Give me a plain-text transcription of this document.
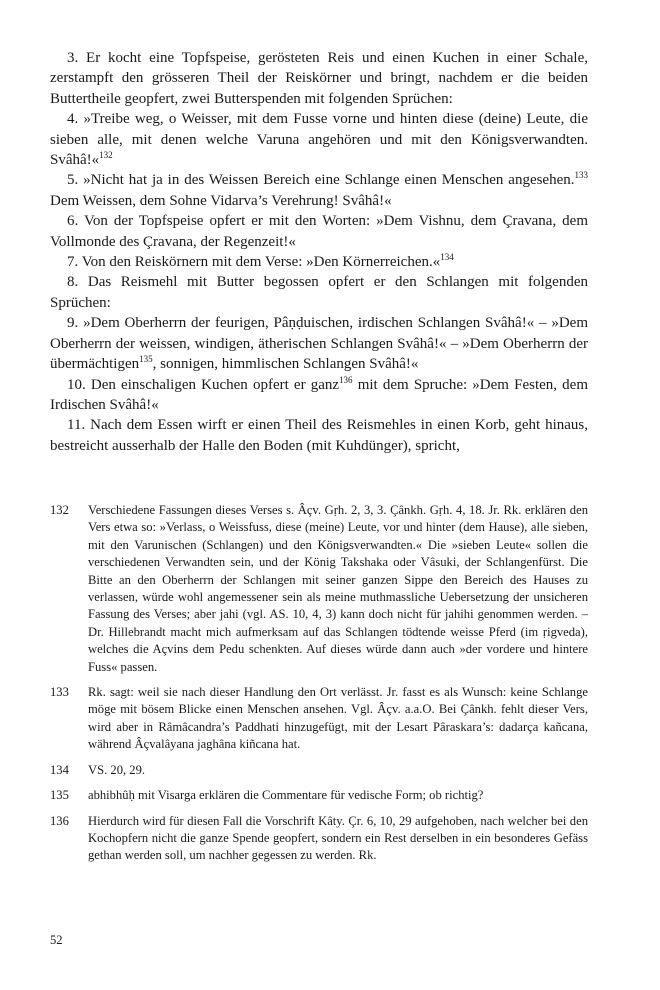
3. Er kocht eine Topfspeise, gerösteten Reis und einen Kuchen in einer Schale, zerstampft den grösseren Theil der Reiskörner und bringt, nachdem er die beiden Buttertheile geopfert, zwei Butterspenden mit folgenden Sprüchen:

4. »Treibe weg, o Weisser, mit dem Fusse vorne und hinten diese (deine) Leute, die sieben alle, mit denen welche Varuna angehören und mit den Königsverwandten. Svâhâ!«$^{132}$

5. »Nicht hat ja in des Weissen Bereich eine Schlange einen Menschen angesehen.$^{133}$ Dem Weissen, dem Sohne Vidarva’s Verehrung! Svâhâ!«

6. Von der Topfspeise opfert er mit den Worten: »Dem Vishnu, dem Çravana, dem Vollmonde des Çravana, der Regenzeit!«

7. Von den Reiskörnern mit dem Verse: »Den Körnerreichen.«$^{134}$

8. Das Reismehl mit Butter begossen opfert er den Schlangen mit folgenden Sprüchen:

9. »Dem Oberherrn der feurigen, Pâṇḍuischen, irdischen Schlangen Svâhâ!« – »Dem Oberherrn der weissen, windigen, ätherischen Schlangen Svâhâ!« – »Dem Oberherrn der übermächtigen$^{135}$, sonnigen, himmlischen Schlangen Svâhâ!«

10. Den einschaligen Kuchen opfert er ganz$^{136}$ mit dem Spruche: »Dem Festen, dem Irdischen Svâhâ!«

11. Nach dem Essen wirft er einen Theil des Reismehles in einen Korb, geht hinaus, bestreicht ausserhalb der Halle den Boden (mit Kuhdünger), spricht,

132	Verschiedene Fassungen dieses Verses s. Âçv. Gṛh. 2, 3, 3. Çânkh. Gṛh. 4, 18. Jr. Rk. erklären den Vers etwa so: »Verlass, o Weissfuss, diese (meine) Leute, vor und hinter (dem Hause), alle sieben, mit den Varunischen (Schlangen) und den Königsverwandten.« Die »sieben Leute« sollen die verschiedenen Verwandten sein, und der König Takshaka oder Vâsuki, der Schlangenfürst. Die Bitte an den Oberherrn der Schlangen mit seiner ganzen Sippe den Bereich des Hauses zu verlassen, würde wohl angemessener sein als meine muthmassliche Uebersetzung der unsicheren Fassung des Verses; aber jahi (vgl. AS. 10, 4, 3) kann doch nicht für jahihi genommen werden. – Dr. Hillebrandt macht mich aufmerksam auf das Schlangen tödtende weisse Pferd (im ṛigveda), welches die Açvins dem Pedu schenkten. Auf dieses würde dann auch »der vordere und hintere Fuss« passen.
133	Rk. sagt: weil sie nach dieser Handlung den Ort verlässt. Jr. fasst es als Wunsch: keine Schlange möge mit bösem Blicke einen Menschen ansehen. Vgl. Âçv. a.a.O. Bei Çânkh. fehlt dieser Vers, wird aber in Râmâcandra’s Paddhati hinzugefügt, mit der Lesart Pâraskara’s: dadarça kañcana, während Âçvalâyana jaghâna kiñcana hat.
134	VS. 20, 29.
135	abhibhûḥ mit Visarga erklären die Commentare für vedische Form; ob richtig?
136	Hierdurch wird für diesen Fall die Vorschrift Kâty. Çr. 6, 10, 29 aufgehoben, nach welcher bei den Kochopfern nicht die ganze Spende geopfert, sondern ein Rest derselben in ein besonderes Gefäss gethan werden soll, um nachher gegessen zu werden. Rk.
52
